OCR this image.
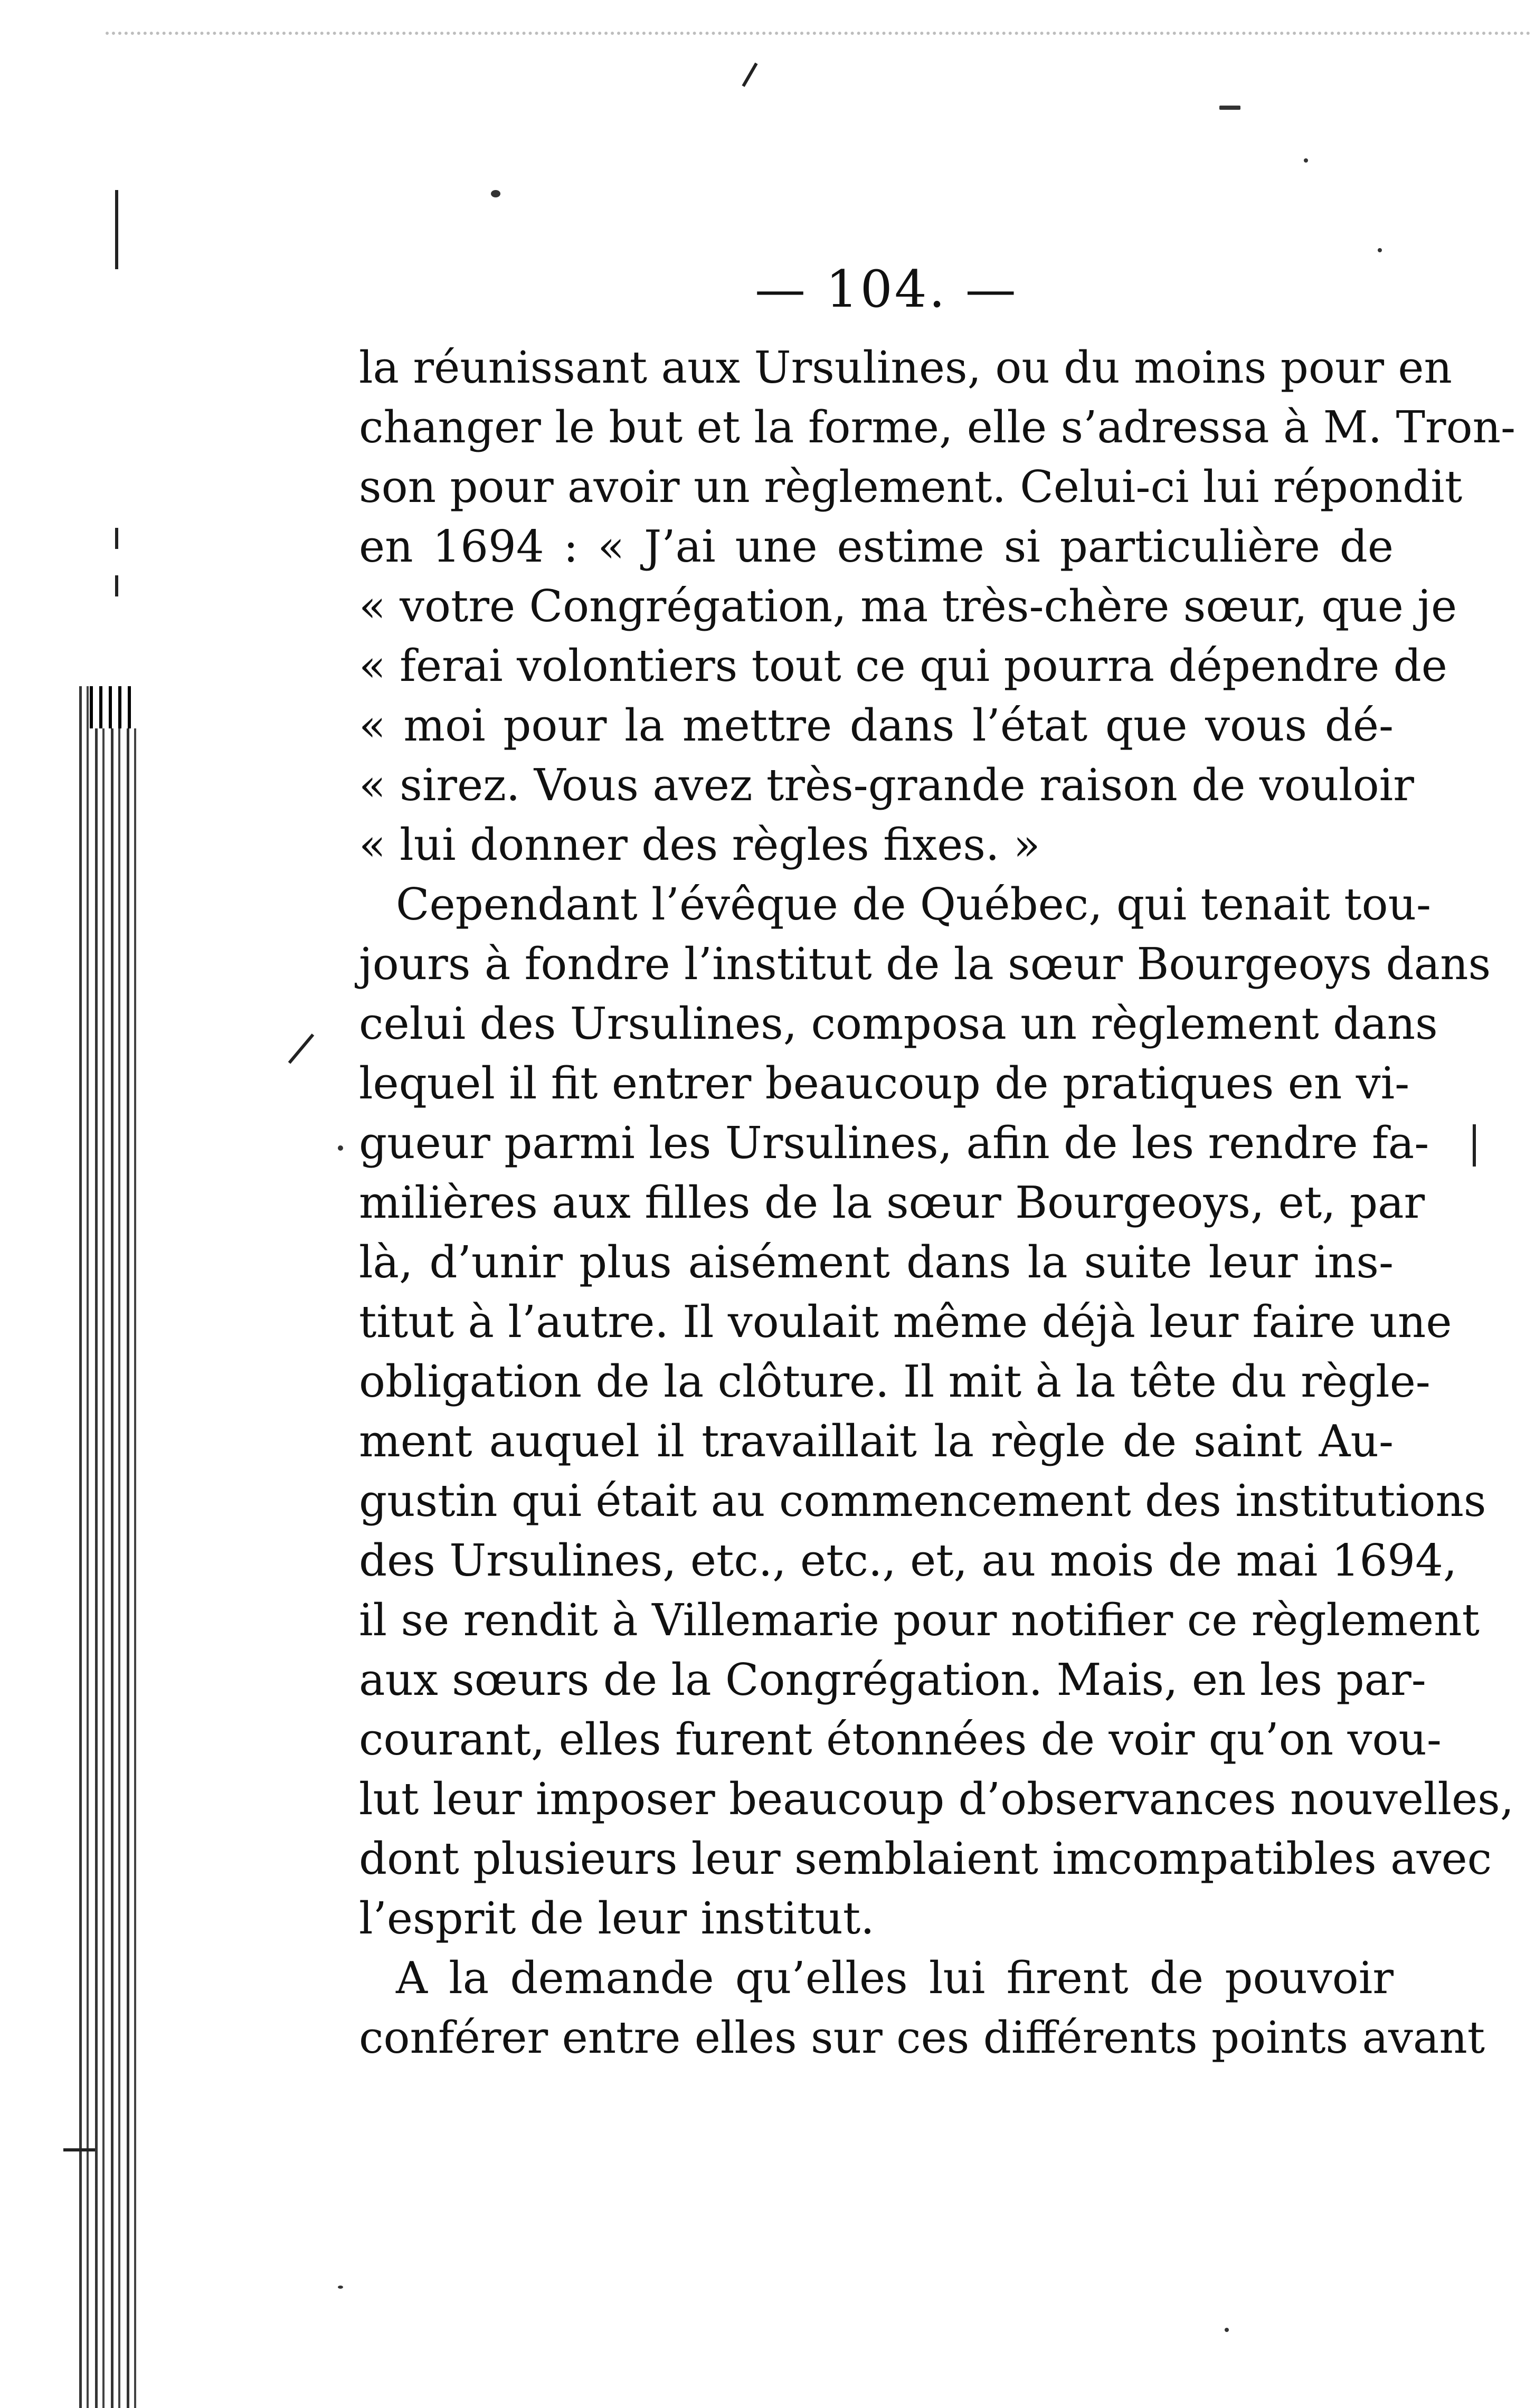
— 104. —
la réunissant aux Ursulines, ou du moins pour en
changer le but et la forme, elle s’adressa à M. Tron-
son pour avoir un règlement. Celui-ci lui répondit
en 1694 : « J’ai une estime si particulière de
« votre Congrégation, ma très-chère sœur, que je
« ferai volontiers tout ce qui pourra dépendre de
« moi pour la mettre dans l’état que vous dé-
« sirez. Vous avez très-grande raison de vouloir
« lui donner des règles fixes. »
Cependant l’évêque de Québec, qui tenait tou-
jours à fondre l’institut de la sœur Bourgeoys dans
celui des Ursulines, composa un règlement dans
lequel il fit entrer beaucoup de pratiques en vi-
gueur parmi les Ursulines, afin de les rendre fa-
milières aux filles de la sœur Bourgeoys, et, par
là, d’unir plus aisément dans la suite leur ins-
titut à l’autre. Il voulait même déjà leur faire une
obligation de la clôture. Il mit à la tête du règle-
ment auquel il travaillait la règle de saint Au-
gustin qui était au commencement des institutions
des Ursulines, etc., etc., et, au mois de mai 1694,
il se rendit à Villemarie pour notifier ce règlement
aux sœurs de la Congrégation. Mais, en les par-
courant, elles furent étonnées de voir qu’on vou-
lut leur imposer beaucoup d’observances nouvelles,
dont plusieurs leur semblaient imcompatibles avec
l’esprit de leur institut.
A la demande qu’elles lui firent de pouvoir
conférer entre elles sur ces différents points avant
